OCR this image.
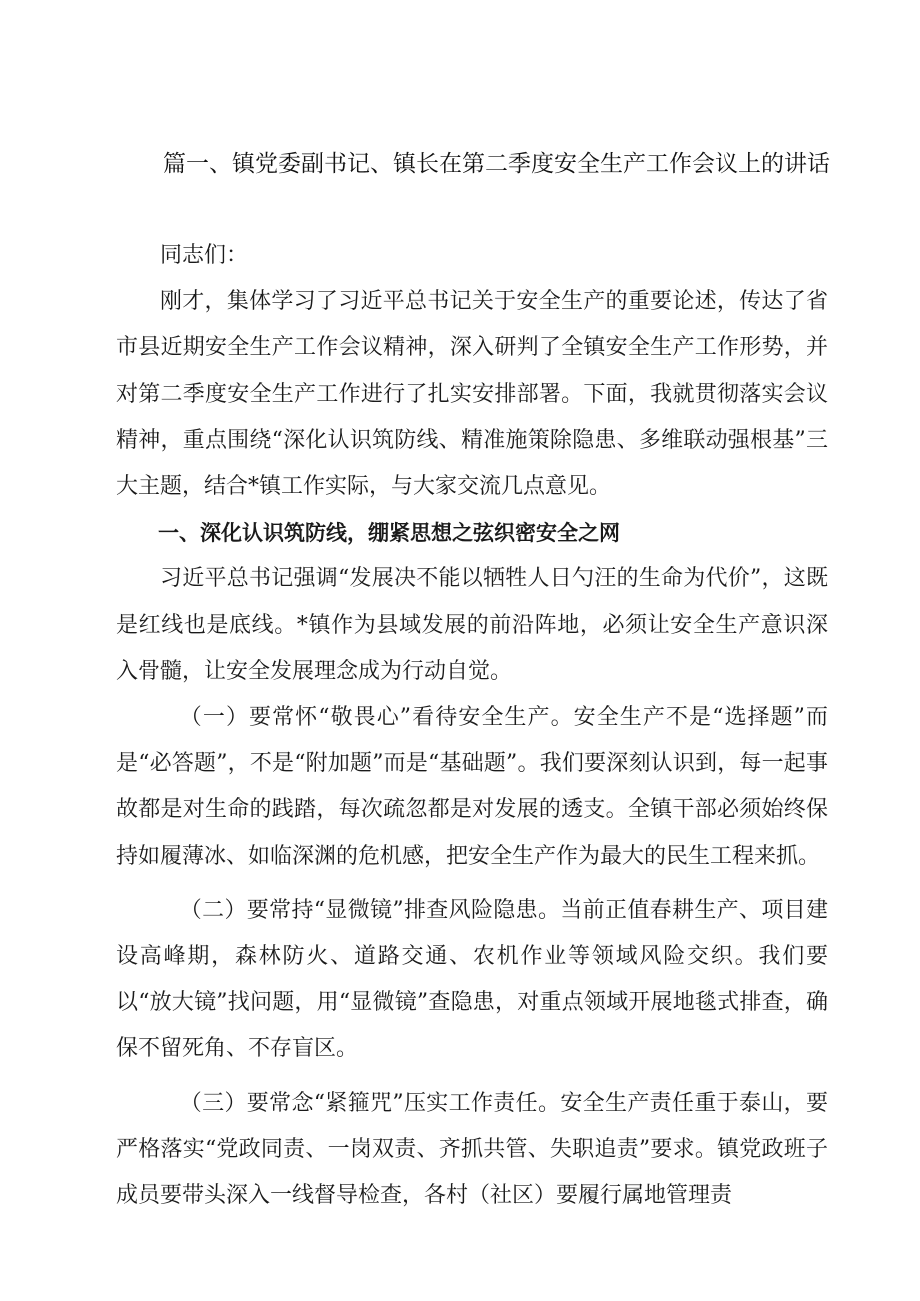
篇一、镇党委副书记、镇长在第二季度安全生产工作会议上的讲话

同志们：

刚才，集体学习了习近平总书记关于安全生产的重要论述，传达了省市县近期安全生产工作会议精神，深入研判了全镇安全生产工作形势，并对第二季度安全生产工作进行了扎实安排部署。下面，我就贯彻落实会议精神，重点围绕“深化认识筑防线、精准施策除隐患、多维联动强根基”三大主题，结合*镇工作实际，与大家交流几点意见。

一、深化认识筑防线，绷紧思想之弦织密安全之网

习近平总书记强调“发展决不能以牺牲人日勺汪的生命为代价”，这既是红线也是底线。*镇作为县域发展的前沿阵地，必须让安全生产意识深入骨髓，让安全发展理念成为行动自觉。

（一）要常怀“敬畏心”看待安全生产。安全生产不是“选择题”而是“必答题”，不是“附加题”而是“基础题”。我们要深刻认识到，每一起事故都是对生命的践踏，每次疏忽都是对发展的透支。全镇干部必须始终保持如履薄冰、如临深渊的危机感，把安全生产作为最大的民生工程来抓。

（二）要常持“显微镜”排查风险隐患。当前正值春耕生产、项目建设高峰期，森林防火、道路交通、农机作业等领域风险交织。我们要以“放大镜”找问题，用“显微镜”查隐患，对重点领域开展地毯式排查，确保不留死角、不存盲区。

（三）要常念“紧箍咒”压实工作责任。安全生产责任重于泰山，要严格落实“党政同责、一岗双责、齐抓共管、失职追责”要求。镇党政班子成员要带头深入一线督导检查，各村（社区）要履行属地管理责
